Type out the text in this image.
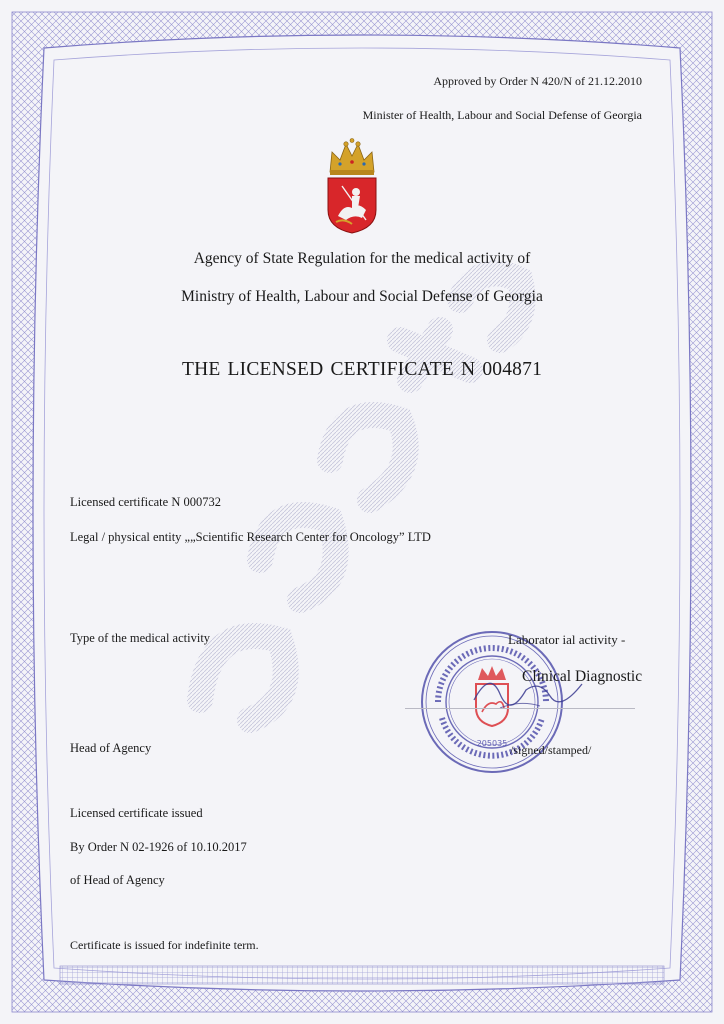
Approved by Order N 420/N of 21.12.2010
Minister of Health, Labour and Social Defense of Georgia
Agency of State Regulation for the medical activity of
Ministry of Health, Labour and Social Defense of Georgia
THE LICENSED CERTIFICATE N 004871
Licensed certificate N 000732
Legal / physical entity „„Scientific Research Center for Oncology” LTD
Type of the medical activity
205035
Laborator ial activity -
Clinical Diagnostic
Head of Agency	/signed/stamped/
Licensed certificate issued
By Order N 02-1926 of 10.10.2017
of Head of Agency
Certificate is issued for indefinite term.
